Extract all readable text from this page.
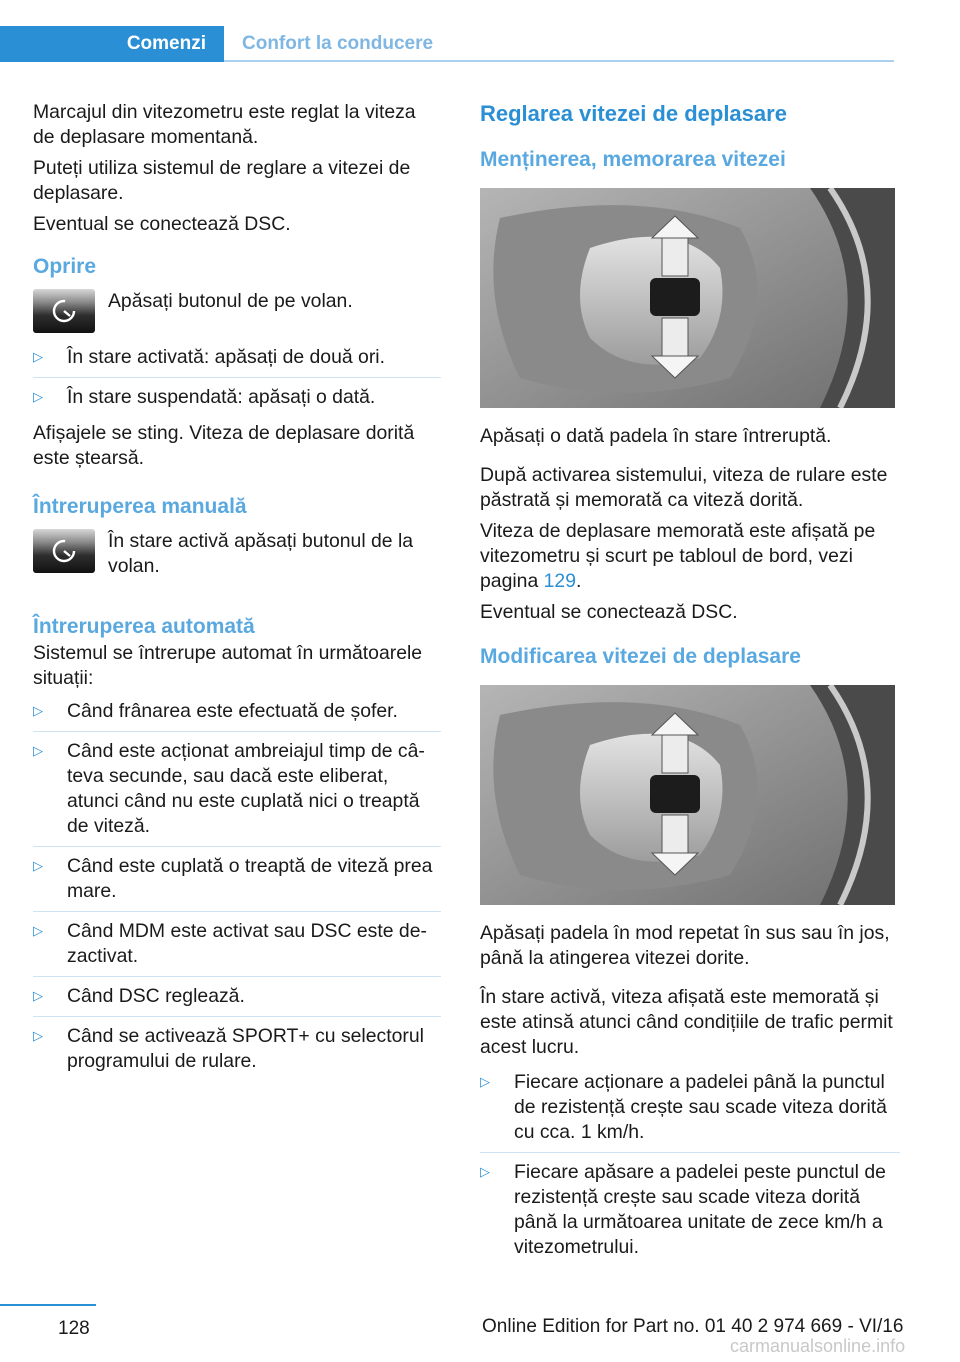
Comenzi	Confort la conducere

Marcajul din vitezometru este reglat la viteza de deplasare momentană.

Puteți utiliza sistemul de reglare a vitezei de deplasare.

Eventual se conectează DSC.

Oprire

Apăsați butonul de pe volan.

▷ În stare activată: apăsați de două ori.
▷ În stare suspendată: apăsați o dată.

Afișajele se sting. Viteza de deplasare dorită este ștearsă.

Întreruperea manuală

În stare activă apăsați butonul de la volan.

Întreruperea automată

Sistemul se întrerupe automat în următoarele situații:

▷ Când frânarea este efectuată de șofer.
▷ Când este acționat ambreiajul timp de câteva secunde, sau dacă este eliberat, atunci când nu este cuplată nici o treaptă de viteză.
▷ Când este cuplată o treaptă de viteză prea mare.
▷ Când MDM este activat sau DSC este dezactivat.
▷ Când DSC reglează.
▷ Când se activează SPORT+ cu selectorul programului de rulare.
Reglarea vitezei de deplasare
Menținerea, memorarea vitezei

Apăsați o dată padela în stare întreruptă.

După activarea sistemului, viteza de rulare este păstrată și memorată ca viteză dorită.

Viteza de deplasare memorată este afișată pe vitezometru și scurt pe tabloul de bord, vezi pagina 129.

Eventual se conectează DSC.

Modificarea vitezei de deplasare

Apăsați padela în mod repetat în sus sau în jos, până la atingerea vitezei dorite.

În stare activă, viteza afișată este memorată și este atinsă atunci când condițiile de trafic permit acest lucru.

▷ Fiecare acționare a padelei până la punctul de rezistență crește sau scade viteza dorită cu cca. 1 km/h.
▷ Fiecare apăsare a padelei peste punctul de rezistență crește sau scade viteza dorită până la următoarea unitate de zece km/h a vitezometrului.
128	Online Edition for Part no. 01 40 2 974 669 - VI/16
carmanualsonline.info
